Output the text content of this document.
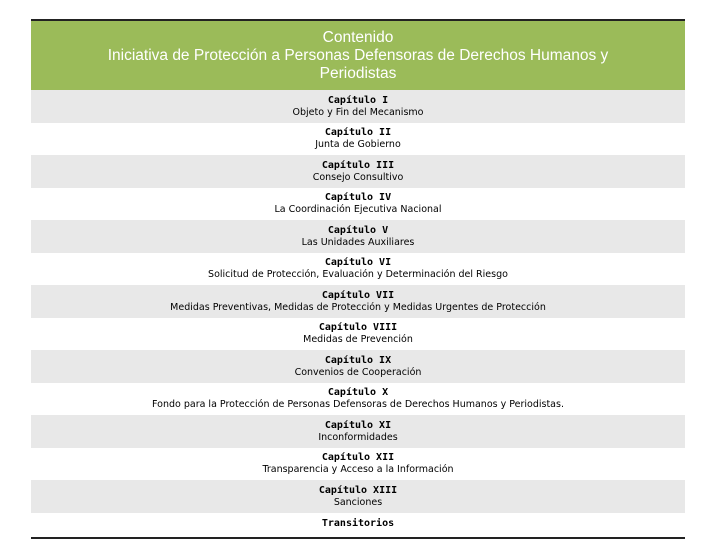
Contenido
Iniciativa de Protección a Personas Defensoras de Derechos Humanos y
Periodistas
Capítulo I
Objeto y Fin del Mecanismo
Capítulo II
Junta de Gobierno
Capítulo III
Consejo Consultivo
Capítulo IV
La Coordinación Ejecutiva Nacional
Capítulo V
Las Unidades Auxiliares
Capítulo VI
Solicitud de Protección, Evaluación y Determinación del Riesgo
Capítulo VII
Medidas Preventivas, Medidas de Protección y Medidas Urgentes de Protección
Capítulo VIII
Medidas de Prevención
Capítulo IX
Convenios de Cooperación
Capítulo X
Fondo para la Protección de Personas Defensoras de Derechos Humanos y Periodistas.
Capítulo XI
Inconformidades
Capítulo XII
Transparencia y Acceso a la Información
Capítulo XIII
Sanciones
Transitorios
